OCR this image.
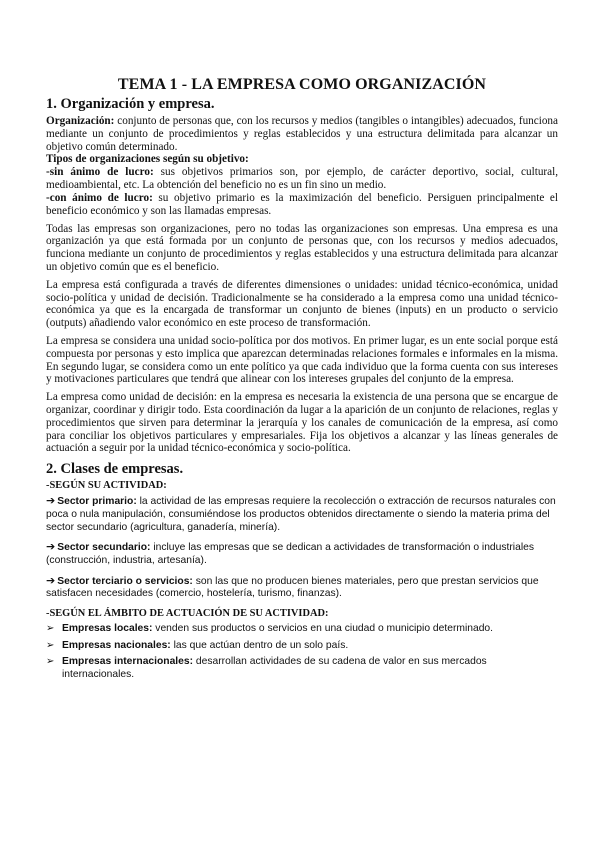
TEMA 1 - LA EMPRESA COMO ORGANIZACIÓN
1. Organización y empresa.

Organización: conjunto de personas que, con los recursos y medios (tangibles o intangibles) adecuados, funciona mediante un conjunto de procedimientos y reglas establecidos y una estructura delimitada para alcanzar un objetivo común determinado.

Tipos de organizaciones según su objetivo:

-sin ánimo de lucro: sus objetivos primarios son, por ejemplo, de carácter deportivo, social, cultural, medioambiental, etc. La obtención del beneficio no es un fin sino un medio.

-con ánimo de lucro: su objetivo primario es la maximización del beneficio. Persiguen principalmente el beneficio económico y son las llamadas empresas.

Todas las empresas son organizaciones, pero no todas las organizaciones son empresas. Una empresa es una organización ya que está formada por un conjunto de personas que, con los recursos y medios adecuados, funciona mediante un conjunto de procedimientos y reglas establecidos y una estructura delimitada para alcanzar un objetivo común que es el beneficio.

La empresa está configurada a través de diferentes dimensiones o unidades: unidad técnico-económica, unidad socio-política y unidad de decisión. Tradicionalmente se ha considerado a la empresa como una unidad técnico-económica ya que es la encargada de transformar un conjunto de bienes (inputs) en un producto o servicio (outputs) añadiendo valor económico en este proceso de transformación.

La empresa se considera una unidad socio-política por dos motivos. En primer lugar, es un ente social porque está compuesta por personas y esto implica que aparezcan determinadas relaciones formales e informales en la misma. En segundo lugar, se considera como un ente político ya que cada individuo que la forma cuenta con sus intereses y motivaciones particulares que tendrá que alinear con los intereses grupales del conjunto de la empresa.

La empresa como unidad de decisión: en la empresa es necesaria la existencia de una persona que se encargue de organizar, coordinar y dirigir todo. Esta coordinación da lugar a la aparición de un conjunto de relaciones, reglas y procedimientos que sirven para determinar la jerarquía y los canales de comunicación de la empresa, así como para conciliar los objetivos particulares y empresariales. Fija los objetivos a alcanzar y las líneas generales de actuación a seguir por la unidad técnico-económica y socio-política.

2. Clases de empresas.
-SEGÚN SU ACTIVIDAD:

➔ Sector primario: la actividad de las empresas requiere la recolección o extracción de recursos naturales con poca o nula manipulación, consumiéndose los productos obtenidos directamente o siendo la materia prima del sector secundario (agricultura, ganadería, minería).

➔ Sector secundario: incluye las empresas que se dedican a actividades de transformación o industriales (construcción, industria, artesanía).

➔ Sector terciario o servicios: son las que no producen bienes materiales, pero que prestan servicios que satisfacen necesidades (comercio, hostelería, turismo, finanzas).

-SEGÚN EL ÁMBITO DE ACTUACIÓN DE SU ACTIVIDAD:
➢ Empresas locales: venden sus productos o servicios en una ciudad o municipio determinado.
➢ Empresas nacionales: las que actúan dentro de un solo país.
➢ Empresas internacionales: desarrollan actividades de su cadena de valor en sus mercados internacionales.
